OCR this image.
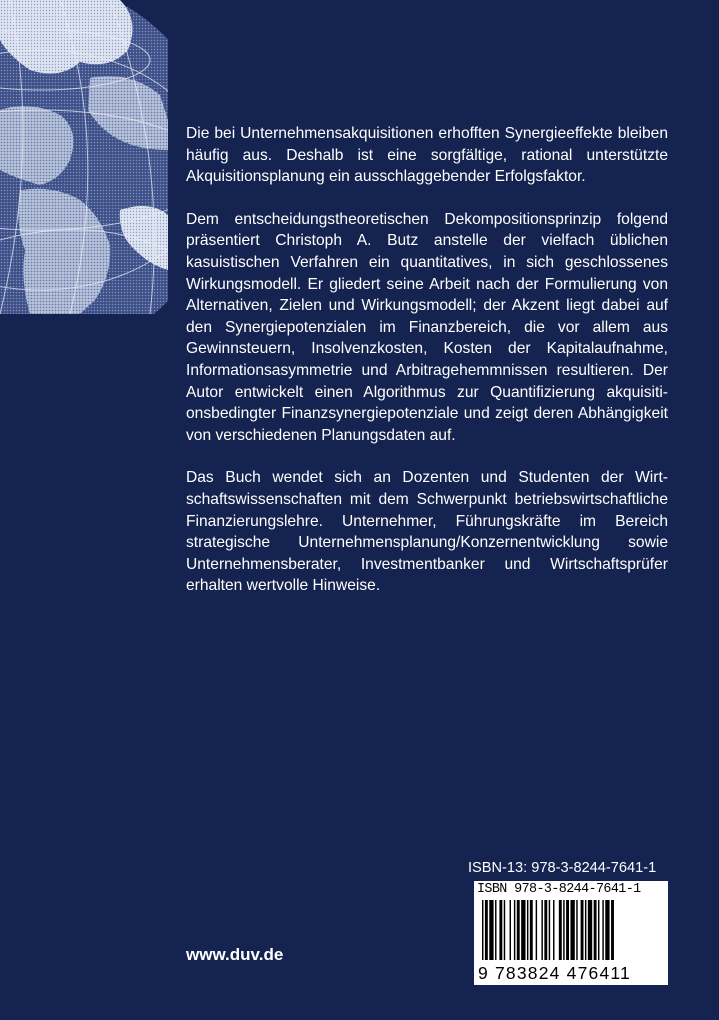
Die bei Unternehmensakquisitionen erhofften Synergieeffekte bleiben häufig aus. Deshalb ist eine sorgfältige, rational unterstützte Akquisitionsplanung ein ausschlaggebender Erfolgsfaktor.

Dem entscheidungstheoretischen Dekompositionsprinzip folgend präsentiert Christoph A. Butz anstelle der vielfach üblichen kasuistischen Verfahren ein quantitatives, in sich geschlossenes Wirkungsmodell. Er gliedert seine Arbeit nach der Formulierung von Alternativen, Zielen und Wirkungsmodell; der Akzent liegt dabei auf den Synergiepotenzialen im Finanzbereich, die vor allem aus Gewinnsteuern, Insolvenzkosten, Kosten der Kapitalaufnahme, Informationsasymmetrie und Arbitragehemmnissen resultieren. Der Autor entwickelt einen Algorithmus zur Quantifizierung akquisitionsbedingter Finanzsynergiepotenziale und zeigt deren Abhängigkeit von verschiedenen Planungsdaten auf.

Das Buch wendet sich an Dozenten und Studenten der Wirtschaftswissenschaften mit dem Schwerpunkt betriebswirtschaftliche Finanzierungslehre. Unternehmer, Führungskräfte im Bereich strategische Unternehmensplanung/Konzernentwicklung sowie Unternehmensberater, Investmentbanker und Wirtschaftsprüfer erhalten wertvolle Hinweise.

ISBN-13: 978-3-8244-7641-1
ISBN 978-3-8244-7641-1
9 783824 476411
www.duv.de
